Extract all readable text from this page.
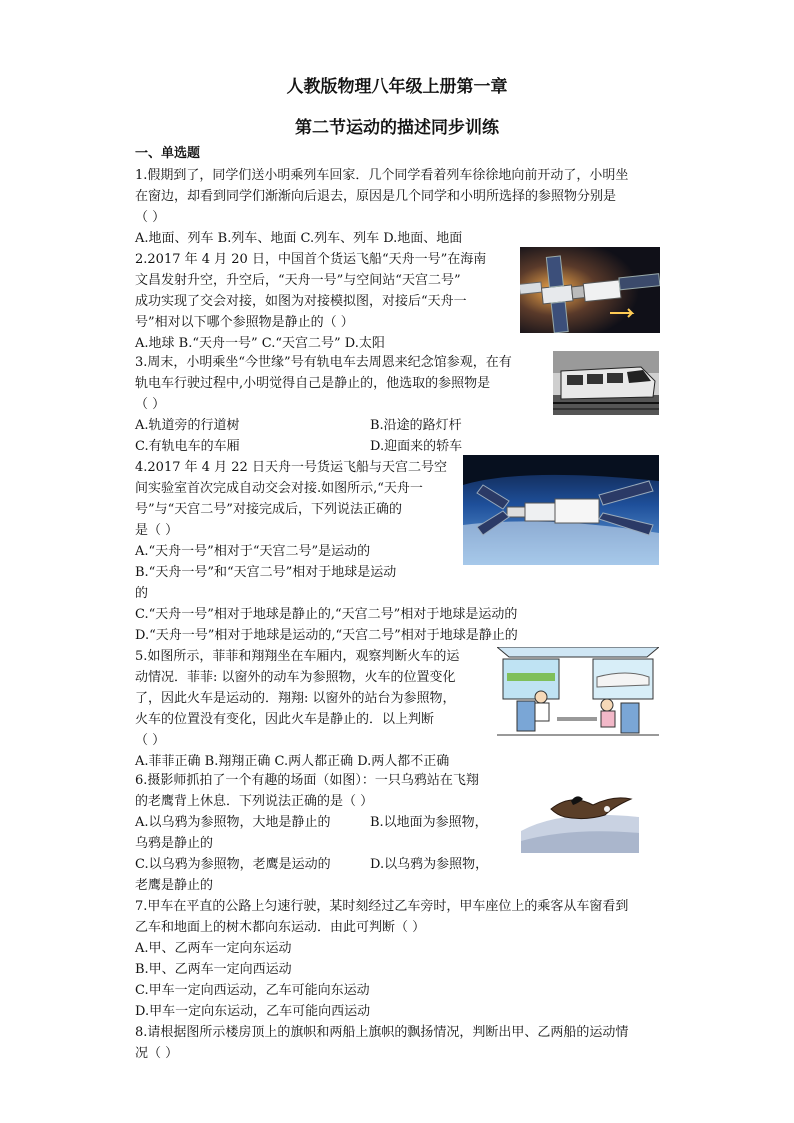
人教版物理八年级上册第一章
第二节运动的描述同步训练
一、单选题
1.假期到了，同学们送小明乘列车回家．几个同学看着列车徐徐地向前开动了，小明坐
在窗边，却看到同学们渐渐向后退去，原因是几个同学和小明所选择的参照物分别是
（ ）
A.地面、列车 B.列车、地面 C.列车、列车 D.地面、地面
2.2017 年 4 月 20 日，中国首个货运飞船“天舟一号”在海南
文昌发射升空，升空后，“天舟一号”与空间站“天宫二号”
成功实现了交会对接，如图为对接模拟图，对接后“天舟一
号”相对以下哪个参照物是静止的（ ）
A.地球 B.“天舟一号” C.“天宫二号” D.太阳
3.周末，小明乘坐“今世缘”号有轨电车去周恩来纪念馆参观，在有
轨电车行驶过程中,小明觉得自己是静止的，他选取的参照物是
（ ）
A.轨道旁的行道树	B.沿途的路灯杆
C.有轨电车的车厢	D.迎面来的轿车
4.2017 年 4 月 22 日天舟一号货运飞船与天宫二号空
间实验室首次完成自动交会对接.如图所示,“天舟一
号”与“天宫二号”对接完成后，下列说法正确的
是（ ）
A.“天舟一号”相对于“天宫二号”是运动的
B.“天舟一号”和“天宫二号”相对于地球是运动
的
C.“天舟一号”相对于地球是静止的,“天宫二号”相对于地球是运动的
D.“天舟一号”相对于地球是运动的,“天宫二号”相对于地球是静止的
5.如图所示，菲菲和翔翔坐在车厢内，观察判断火车的运
动情况．菲菲: 以窗外的动车为参照物，火车的位置变化
了，因此火车是运动的．翔翔: 以窗外的站台为参照物，
火车的位置没有变化，因此火车是静止的．以上判断
（ ）
A.菲菲正确 B.翔翔正确 C.两人都正确 D.两人都不正确
6.摄影师抓拍了一个有趣的场面（如图）：一只乌鸦站在飞翔
的老鹰背上休息．下列说法正确的是（ ）
A.以乌鸦为参照物，大地是静止的	B.以地面为参照物，
乌鸦是静止的
C.以乌鸦为参照物，老鹰是运动的	D.以乌鸦为参照物，
老鹰是静止的
7.甲车在平直的公路上匀速行驶，某时刻经过乙车旁时，甲车座位上的乘客从车窗看到
乙车和地面上的树木都向东运动．由此可判断（ ）
A.甲、乙两车一定向东运动
B.甲、乙两车一定向西运动
C.甲车一定向西运动，乙车可能向东运动
D.甲车一定向东运动，乙车可能向西运动
8.请根据图所示楼房顶上的旗帜和两船上旗帜的飘扬情况，判断出甲、乙两船的运动情
况（ ）
